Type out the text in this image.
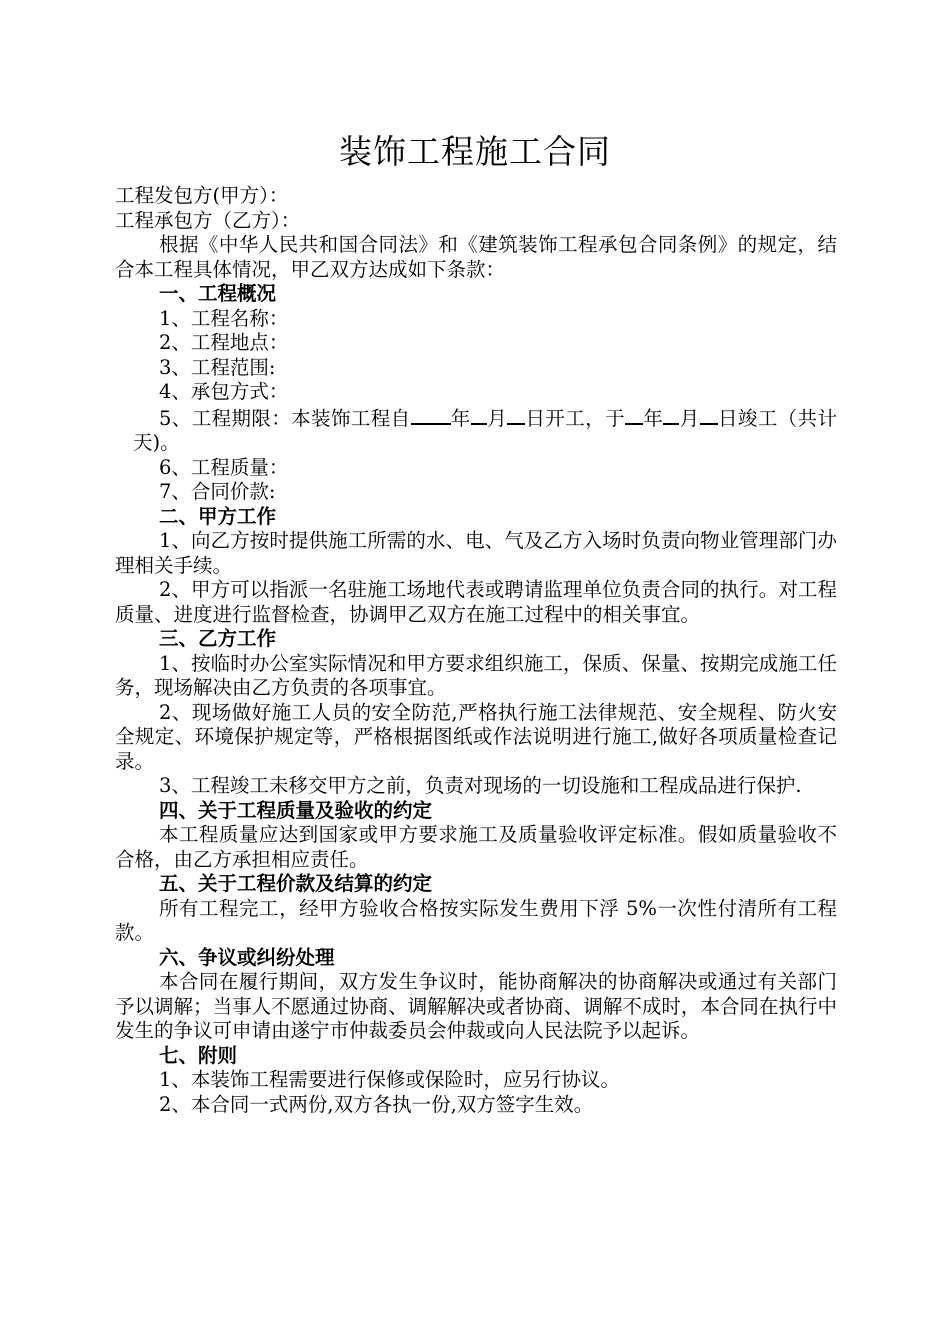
装饰工程施工合同

工程发包方(甲方）：

工程承包方（乙方）：

根据《中华人民共和国合同法》和《建筑装饰工程承包合同条例》的规定，结合本工程具体情况，甲乙双方达成如下条款：

一、工程概况

1、工程名称：

2、工程地点：

3、工程范围:

4、承包方式：

5、工程期限：本装饰工程自 年 月 日开工，于 年 月 日竣工（共计天)。

6、工程质量：

7、合同价款:

二、甲方工作

1、向乙方按时提供施工所需的水、电、气及乙方入场时负责向物业管理部门办理相关手续。

2、甲方可以指派一名驻施工场地代表或聘请监理单位负责合同的执行。对工程质量、进度进行监督检查，协调甲乙双方在施工过程中的相关事宜。

三、乙方工作

1、按临时办公室实际情况和甲方要求组织施工，保质、保量、按期完成施工任务，现场解决由乙方负责的各项事宜。

2、现场做好施工人员的安全防范,严格执行施工法律规范、安全规程、防火安全规定、环境保护规定等，严格根据图纸或作法说明进行施工,做好各项质量检查记录。

3、工程竣工未移交甲方之前，负责对现场的一切设施和工程成品进行保护.

四、关于工程质量及验收的约定

本工程质量应达到国家或甲方要求施工及质量验收评定标准。假如质量验收不合格，由乙方承担相应责任。

五、关于工程价款及结算的约定

所有工程完工，经甲方验收合格按实际发生费用下浮 5%一次性付清所有工程款。

六、争议或纠纷处理

本合同在履行期间，双方发生争议时，能协商解决的协商解决或通过有关部门予以调解；当事人不愿通过协商、调解解决或者协商、调解不成时，本合同在执行中发生的争议可申请由遂宁市仲裁委员会仲裁或向人民法院予以起诉。

七、附则

1、本装饰工程需要进行保修或保险时，应另行协议。

2、本合同一式两份,双方各执一份,双方签字生效。
